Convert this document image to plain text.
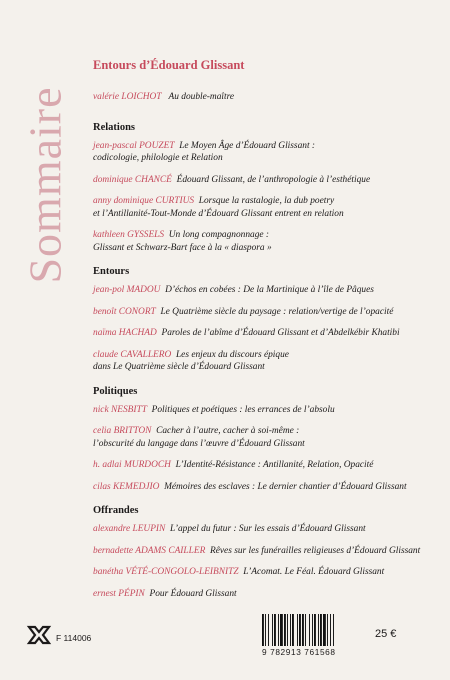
Sommaire
Entours d’Édouard Glissant
valérie LOICHOT Au double-maître
Relations
jean-pascal POUZET Le Moyen Âge d’Édouard Glissant :
codicologie, philologie et Relation
dominique CHANCÉ Édouard Glissant, de l’anthropologie à l’esthétique
anny dominique CURTIUS Lorsque la rastalogie, la dub poetry
et l’Antillanité-Tout-Monde d’Édouard Glissant entrent en relation
kathleen GYSSELS Un long compagnonnage :
Glissant et Schwarz-Bart face à la « diaspora »
Entours
jean-pol MADOU D’échos en cobées : De la Martinique à l’île de Pâques
benoît CONORT Le Quatrième siècle du paysage : relation/vertige de l’opacité
naïma HACHAD Paroles de l’abîme d’Édouard Glissant et d’Abdelkébir Khatibi
claude CAVALLERO Les enjeux du discours épique
dans Le Quatrième siècle d’Édouard Glissant
Politiques
nick NESBITT Politiques et poétiques : les errances de l’absolu
celia BRITTON Cacher à l’autre, cacher à soi-même :
l’obscurité du langage dans l’œuvre d’Édouard Glissant
h. adlai MURDOCH L’Identité-Résistance : Antillanité, Relation, Opacité
cilas KEMEDJIO Mémoires des esclaves : Le dernier chantier d’Édouard Glissant
Offrandes
alexandre LEUPIN L’appel du futur : Sur les essais d’Édouard Glissant
bernadette ADAMS CAILLER Rêves sur les funérailles religieuses d’Édouard Glissant
banétha VÉTÉ-CONGOLO-LEIBNITZ L’Acomat. Le Féal. Édouard Glissant
ernest PÉPIN Pour Édouard Glissant
F 114006
9 782913 761568
25 €
